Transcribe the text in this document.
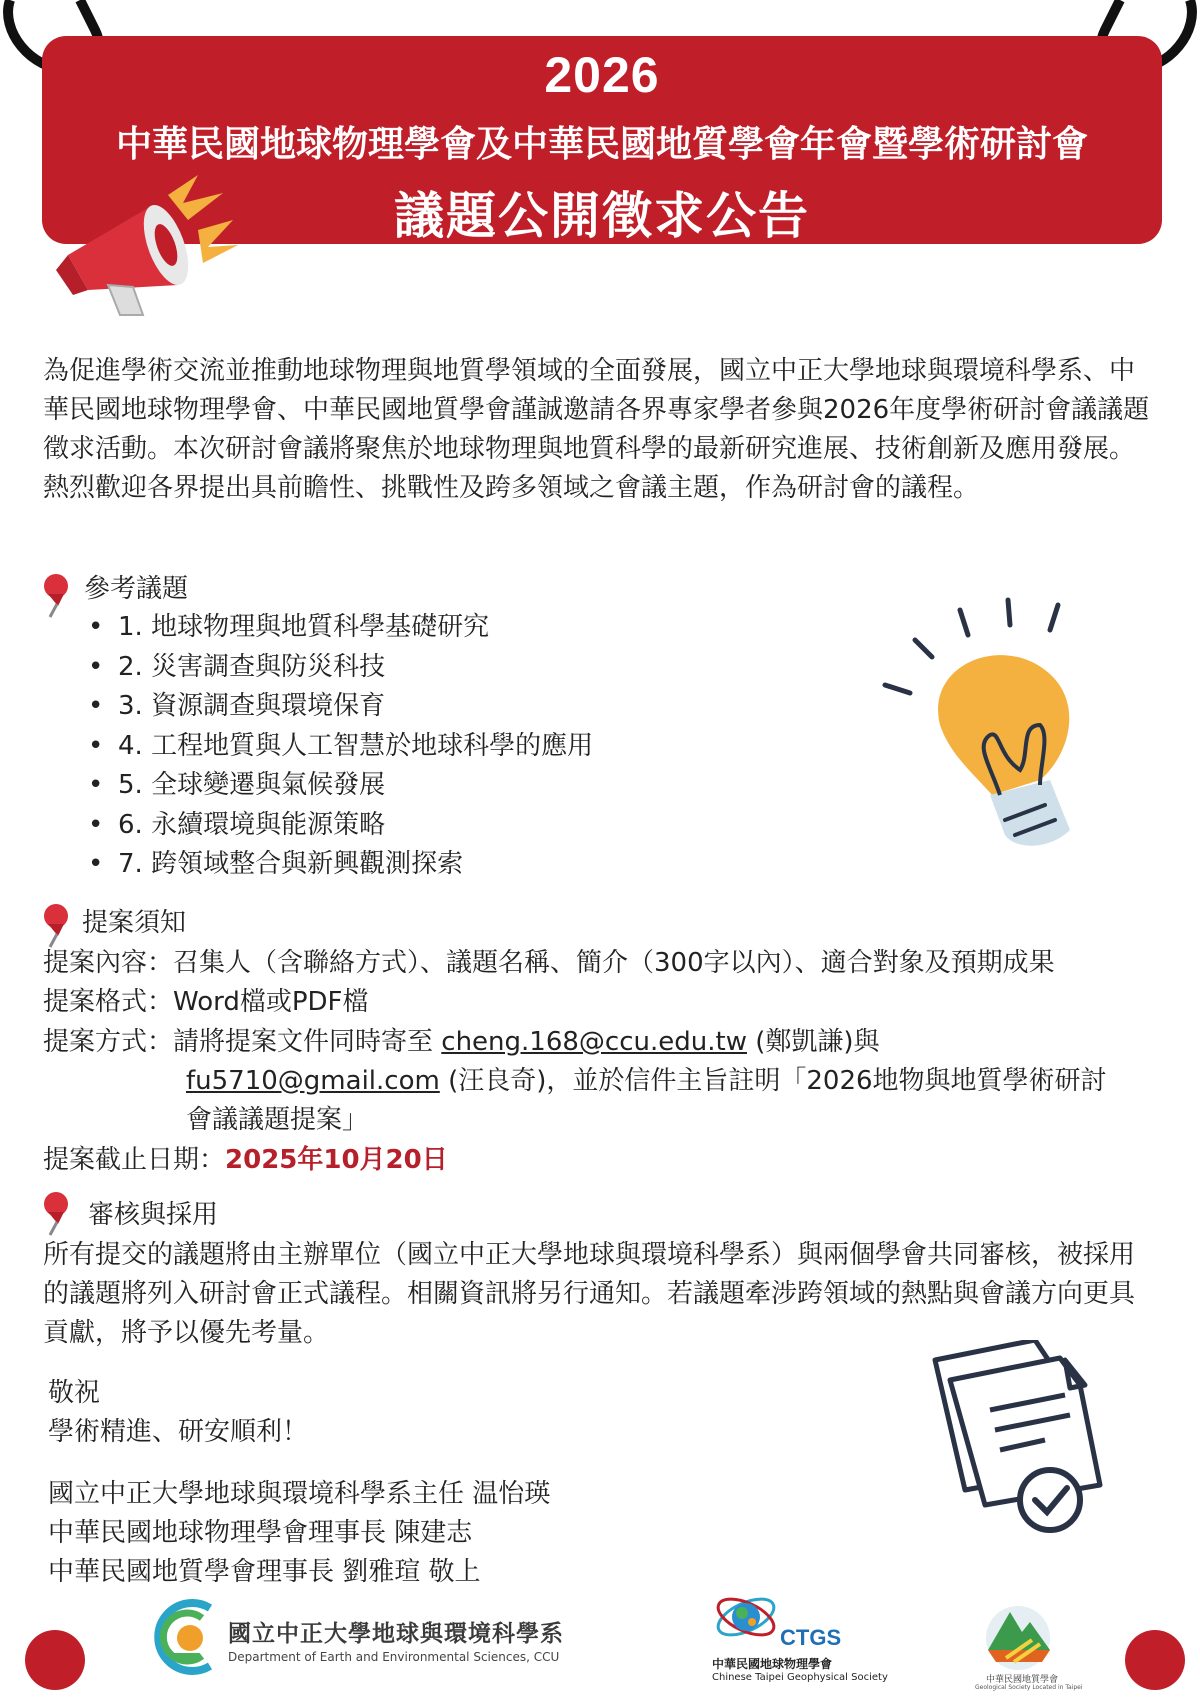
2026
中華民國地球物理學會及中華民國地質學會年會暨學術研討會
議題公開徵求公告
為促進學術交流並推動地球物理與地質學領域的全面發展，國立中正大學地球與環境科學系、中華民國地球物理學會、中華民國地質學會謹誠邀請各界專家學者參與2026年度學術研討會議議題徵求活動。本次研討會議將聚焦於地球物理與地質科學的最新研究進展、技術創新及應用發展。熱烈歡迎各界提出具前瞻性、挑戰性及跨多領域之會議主題，作為研討會的議程。
參考議題
• 1. 地球物理與地質科學基礎研究
• 2. 災害調查與防災科技
• 3. 資源調查與環境保育
• 4. 工程地質與人工智慧於地球科學的應用
• 5. 全球變遷與氣候發展
• 6. 永續環境與能源策略
• 7. 跨領域整合與新興觀測探索
提案須知
提案內容：召集人（含聯絡方式）、議題名稱、簡介（300字以內）、適合對象及預期成果
提案格式：Word檔或PDF檔
提案方式：請將提案文件同時寄至 cheng.168@ccu.edu.tw (鄭凱謙)與
fu5710@gmail.com (汪良奇)，並於信件主旨註明「2026地物與地質學術研討
會議議題提案」
提案截止日期：2025年10月20日
審核與採用
所有提交的議題將由主辦單位（國立中正大學地球與環境科學系）與兩個學會共同審核，被採用的議題將列入研討會正式議程。相關資訊將另行通知。若議題牽涉跨領域的熱點與會議方向更具貢獻，將予以優先考量。
敬祝
學術精進、研安順利！
國立中正大學地球與環境科學系主任 温怡瑛
中華民國地球物理學會理事長 陳建志
中華民國地質學會理事長 劉雅瑄 敬上
國立中正大學地球與環境科學系
Department of Earth and Environmental Sciences, CCU
CTGS
中華民國地球物理學會
Chinese Taipei Geophysical Society	中華民國地質學會
Geological Society Located in Taipei
